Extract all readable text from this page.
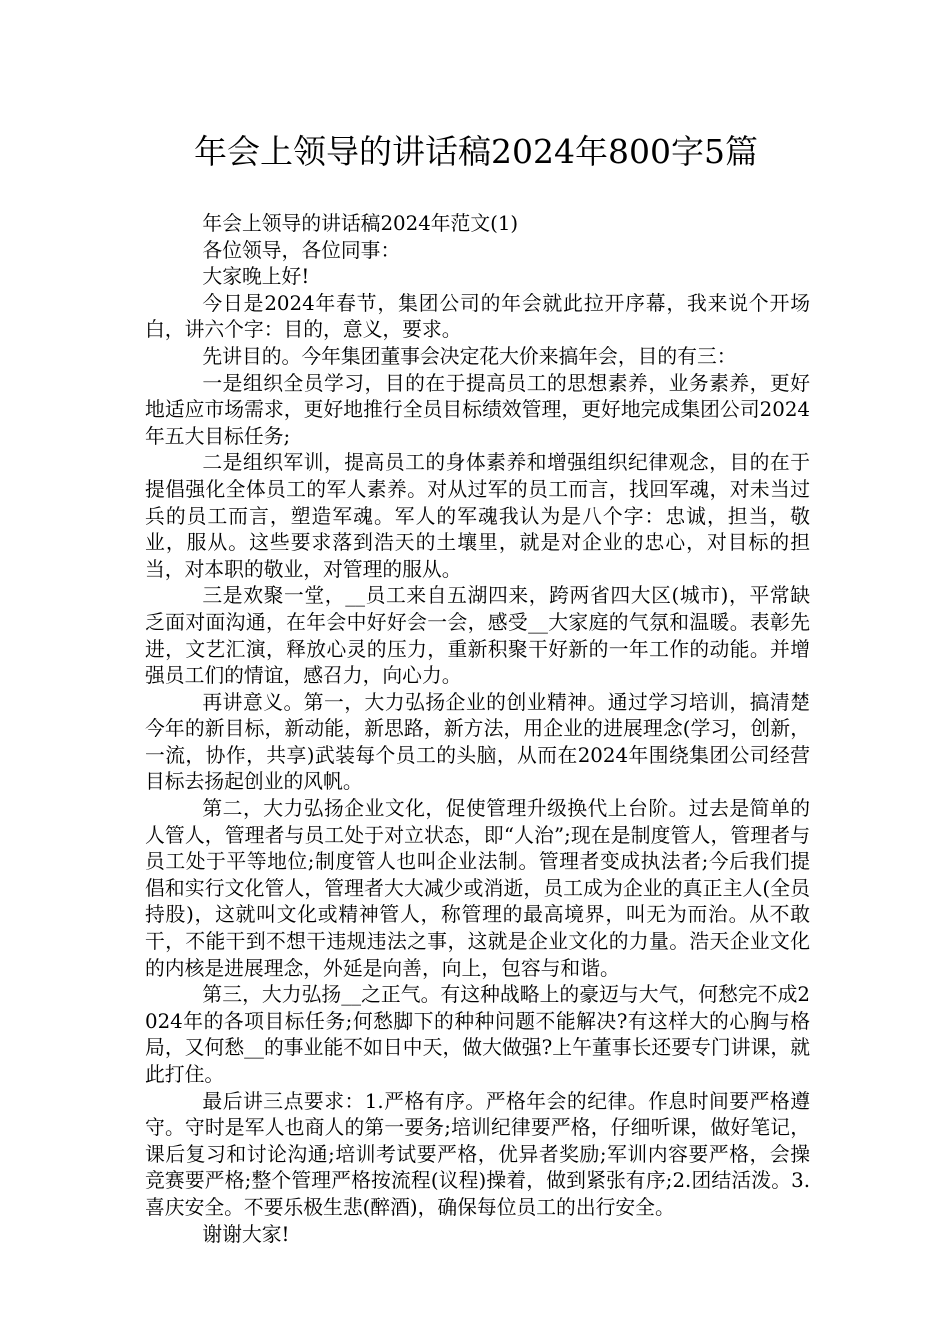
年会上领导的讲话稿2024年800字5篇

年会上领导的讲话稿2024年范文(1)

各位领导，各位同事：

大家晚上好!

今日是2024年春节，集团公司的年会就此拉开序幕，我来说个开场白，讲六个字：目的，意义，要求。

先讲目的。今年集团董事会决定花大价来搞年会，目的有三：

一是组织全员学习，目的在于提高员工的思想素养，业务素养，更好地适应市场需求，更好地推行全员目标绩效管理，更好地完成集团公司2024年五大目标任务;

二是组织军训，提高员工的身体素养和增强组织纪律观念，目的在于提倡强化全体员工的军人素养。对从过军的员工而言，找回军魂，对未当过兵的员工而言，塑造军魂。军人的军魂我认为是八个字：忠诚，担当，敬业，服从。这些要求落到浩天的土壤里，就是对企业的忠心，对目标的担当，对本职的敬业，对管理的服从。

三是欢聚一堂，__员工来自五湖四来，跨两省四大区(城市)，平常缺乏面对面沟通，在年会中好好会一会，感受__大家庭的气氛和温暖。表彰先进，文艺汇演，释放心灵的压力，重新积聚干好新的一年工作的动能。并增强员工们的情谊，感召力，向心力。

再讲意义。第一，大力弘扬企业的创业精神。通过学习培训，搞清楚今年的新目标，新动能，新思路，新方法，用企业的进展理念(学习，创新，一流，协作，共享)武装每个员工的头脑，从而在2024年围绕集团公司经营目标去扬起创业的风帆。

第二，大力弘扬企业文化，促使管理升级换代上台阶。过去是简单的人管人，管理者与员工处于对立状态，即“人治”;现在是制度管人，管理者与员工处于平等地位;制度管人也叫企业法制。管理者变成执法者;今后我们提倡和实行文化管人，管理者大大减少或消逝，员工成为企业的真正主人(全员持股)，这就叫文化或精神管人，称管理的最高境界，叫无为而治。从不敢干，不能干到不想干违规违法之事，这就是企业文化的力量。浩天企业文化的内核是进展理念，外延是向善，向上，包容与和谐。

第三，大力弘扬__之正气。有这种战略上的豪迈与大气，何愁完不成2024年的各项目标任务;何愁脚下的种种问题不能解决?有这样大的心胸与格局，又何愁__的事业能不如日中天，做大做强?上午董事长还要专门讲课，就此打住。

最后讲三点要求：1.严格有序。严格年会的纪律。作息时间要严格遵守。守时是军人也商人的第一要务;培训纪律要严格，仔细听课，做好笔记，课后复习和讨论沟通;培训考试要严格，优异者奖励;军训内容要严格，会操竞赛要严格;整个管理严格按流程(议程)操着，做到紧张有序;2.团结活泼。3.喜庆安全。不要乐极生悲(醉酒)，确保每位员工的出行安全。

谢谢大家!
